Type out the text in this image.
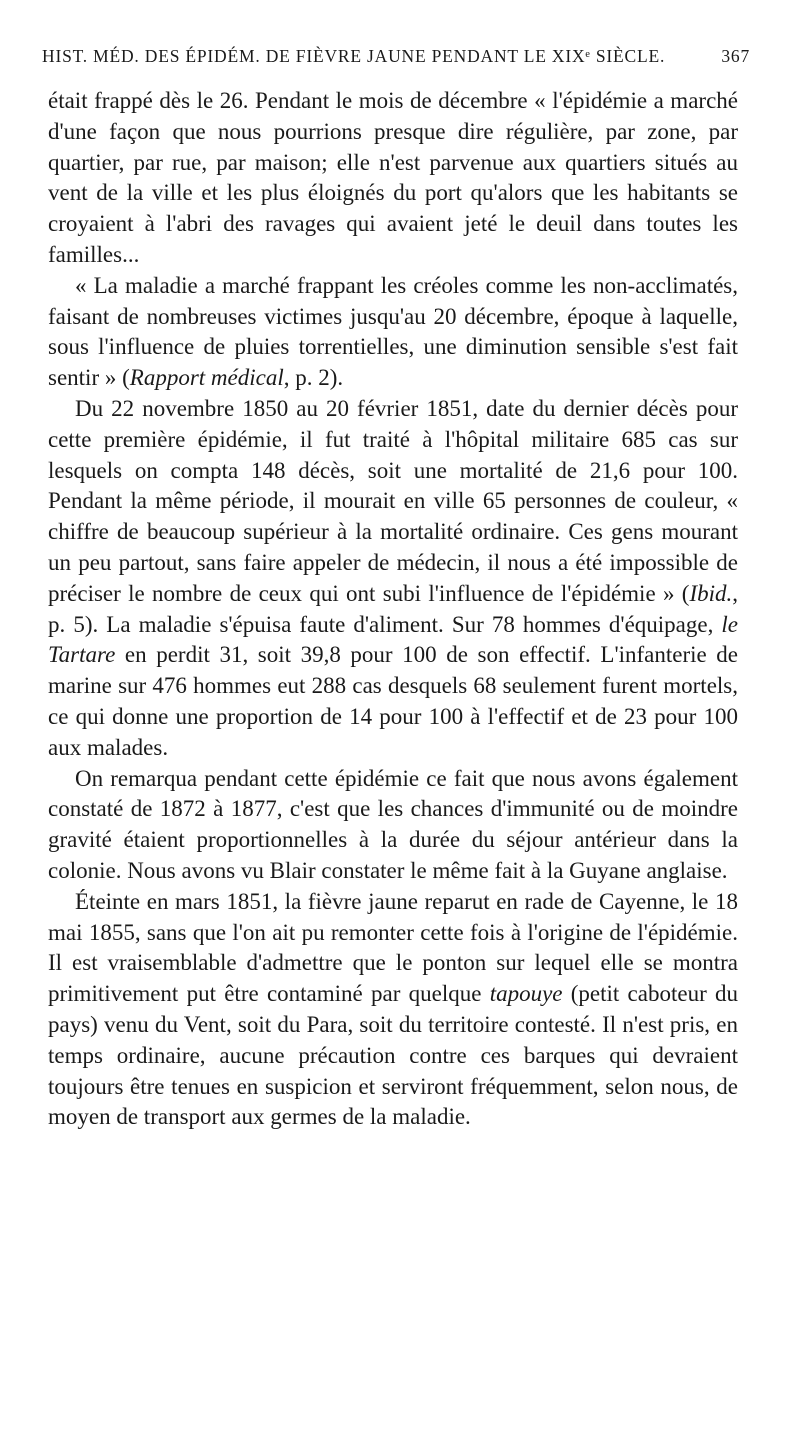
HIST. MÉD. DES ÉPIDÉM. DE FIÈVRE JAUNE PENDANT LE XIXᵉ SIÈCLE.	367

était frappé dès le 26. Pendant le mois de décembre « l'épidémie a marché d'une façon que nous pourrions presque dire régulière, par zone, par quartier, par rue, par maison; elle n'est parvenue aux quartiers situés au vent de la ville et les plus éloignés du port qu'alors que les habitants se croyaient à l'abri des ravages qui avaient jeté le deuil dans toutes les familles...

« La maladie a marché frappant les créoles comme les non-acclimatés, faisant de nombreuses victimes jusqu'au 20 décembre, époque à laquelle, sous l'influence de pluies torrentielles, une diminution sensible s'est fait sentir » (Rapport médical, p. 2).

Du 22 novembre 1850 au 20 février 1851, date du dernier décès pour cette première épidémie, il fut traité à l'hôpital militaire 685 cas sur lesquels on compta 148 décès, soit une mortalité de 21,6 pour 100. Pendant la même période, il mourait en ville 65 personnes de couleur, « chiffre de beaucoup supérieur à la mortalité ordinaire. Ces gens mourant un peu partout, sans faire appeler de médecin, il nous a été impossible de préciser le nombre de ceux qui ont subi l'influence de l'épidémie » (Ibid., p. 5). La maladie s'épuisa faute d'aliment. Sur 78 hommes d'équipage, le Tartare en perdit 31, soit 39,8 pour 100 de son effectif. L'infanterie de marine sur 476 hommes eut 288 cas desquels 68 seulement furent mortels, ce qui donne une proportion de 14 pour 100 à l'effectif et de 23 pour 100 aux malades.

On remarqua pendant cette épidémie ce fait que nous avons également constaté de 1872 à 1877, c'est que les chances d'immunité ou de moindre gravité étaient proportionnelles à la durée du séjour antérieur dans la colonie. Nous avons vu Blair constater le même fait à la Guyane anglaise.

Éteinte en mars 1851, la fièvre jaune reparut en rade de Cayenne, le 18 mai 1855, sans que l'on ait pu remonter cette fois à l'origine de l'épidémie. Il est vraisemblable d'admettre que le ponton sur lequel elle se montra primitivement put être contaminé par quelque tapouye (petit caboteur du pays) venu du Vent, soit du Para, soit du territoire contesté. Il n'est pris, en temps ordinaire, aucune précaution contre ces barques qui devraient toujours être tenues en suspicion et serviront fréquemment, selon nous, de moyen de transport aux germes de la maladie.
